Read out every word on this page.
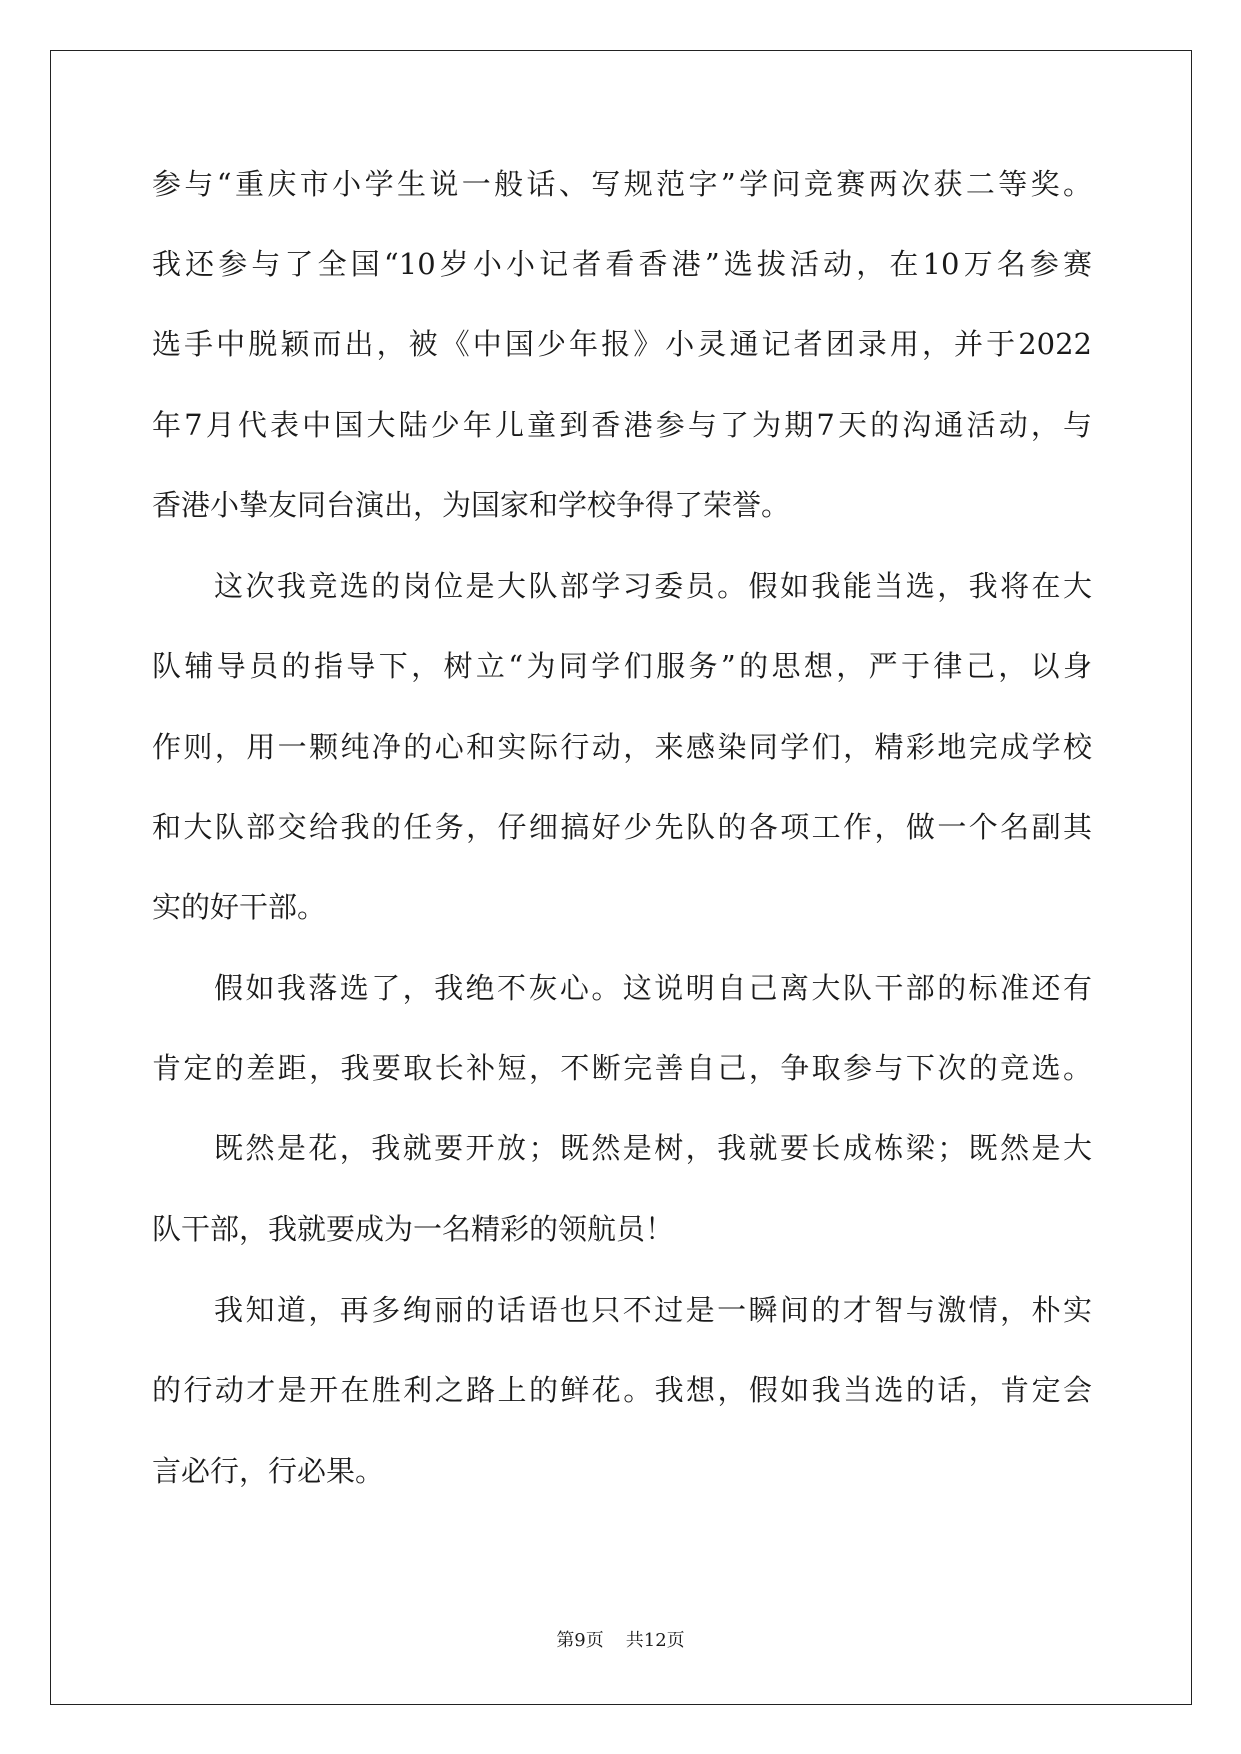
参与“重庆市小学生说一般话、写规范字”学问竞赛两次获二等奖。
我还参与了全国“10岁小小记者看香港”选拔活动，在10万名参赛
选手中脱颖而出，被《中国少年报》小灵通记者团录用，并于2022
年7月代表中国大陆少年儿童到香港参与了为期7天的沟通活动，与
香港小挚友同台演出，为国家和学校争得了荣誉。
这次我竞选的岗位是大队部学习委员。假如我能当选，我将在大
队辅导员的指导下，树立“为同学们服务”的思想，严于律己，以身
作则，用一颗纯净的心和实际行动，来感染同学们，精彩地完成学校
和大队部交给我的任务，仔细搞好少先队的各项工作，做一个名副其
实的好干部。
假如我落选了，我绝不灰心。这说明自己离大队干部的标准还有
肯定的差距，我要取长补短，不断完善自己，争取参与下次的竞选。
既然是花，我就要开放；既然是树，我就要长成栋梁；既然是大
队干部，我就要成为一名精彩的领航员！
我知道，再多绚丽的话语也只不过是一瞬间的才智与激情，朴实
的行动才是开在胜利之路上的鲜花。我想，假如我当选的话，肯定会
言必行，行必果。
第9页 共12页
